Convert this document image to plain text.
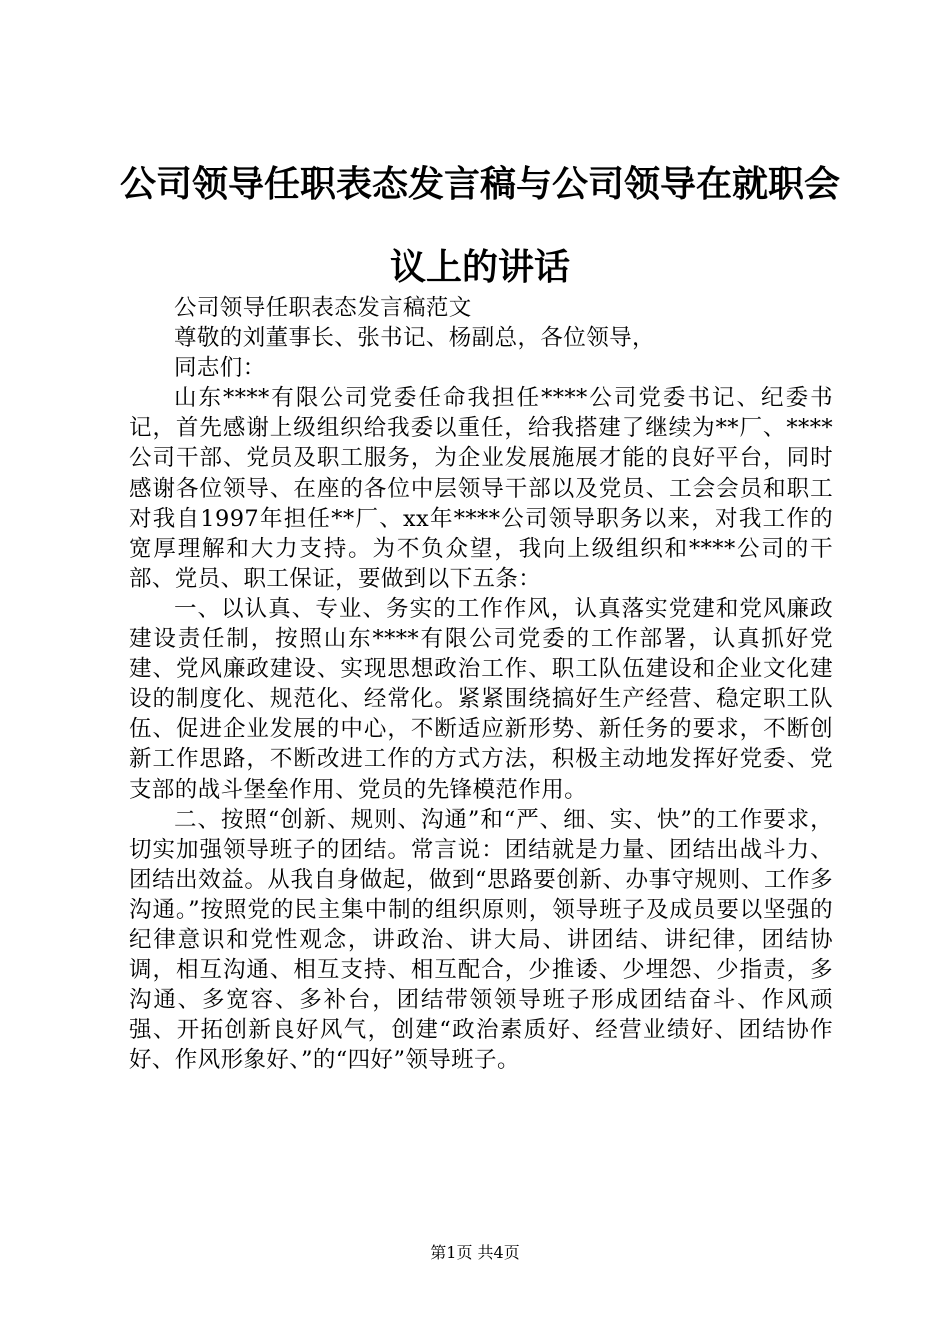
公司领导任职表态发言稿与公司领导在就职会
议上的讲话

公司领导任职表态发言稿范文

尊敬的刘董事长、张书记、杨副总，各位领导，

同志们：

山东****有限公司党委任命我担任****公司党委书记、纪委书记，首先感谢上级组织给我委以重任，给我搭建了继续为**厂、****公司干部、党员及职工服务，为企业发展施展才能的良好平台，同时感谢各位领导、在座的各位中层领导干部以及党员、工会会员和职工对我自1997年担任**厂、xx年****公司领导职务以来，对我工作的宽厚理解和大力支持。为不负众望，我向上级组织和****公司的干部、党员、职工保证，要做到以下五条：

一、以认真、专业、务实的工作作风，认真落实党建和党风廉政建设责任制，按照山东****有限公司党委的工作部署，认真抓好党建、党风廉政建设、实现思想政治工作、职工队伍建设和企业文化建设的制度化、规范化、经常化。紧紧围绕搞好生产经营、稳定职工队伍、促进企业发展的中心，不断适应新形势、新任务的要求，不断创新工作思路，不断改进工作的方式方法，积极主动地发挥好党委、党支部的战斗堡垒作用、党员的先锋模范作用。

二、按照“创新、规则、沟通”和“严、细、实、快”的工作要求，切实加强领导班子的团结。常言说：团结就是力量、团结出战斗力、团结出效益。从我自身做起，做到“思路要创新、办事守规则、工作多沟通。”按照党的民主集中制的组织原则，领导班子及成员要以坚强的纪律意识和党性观念，讲政治、讲大局、讲团结、讲纪律，团结协调，相互沟通、相互支持、相互配合，少推诿、少埋怨、少指责，多沟通、多宽容、多补台，团结带领领导班子形成团结奋斗、作风顽强、开拓创新良好风气，创建“政治素质好、经营业绩好、团结协作好、作风形象好、”的“四好”领导班子。

第1页 共4页
